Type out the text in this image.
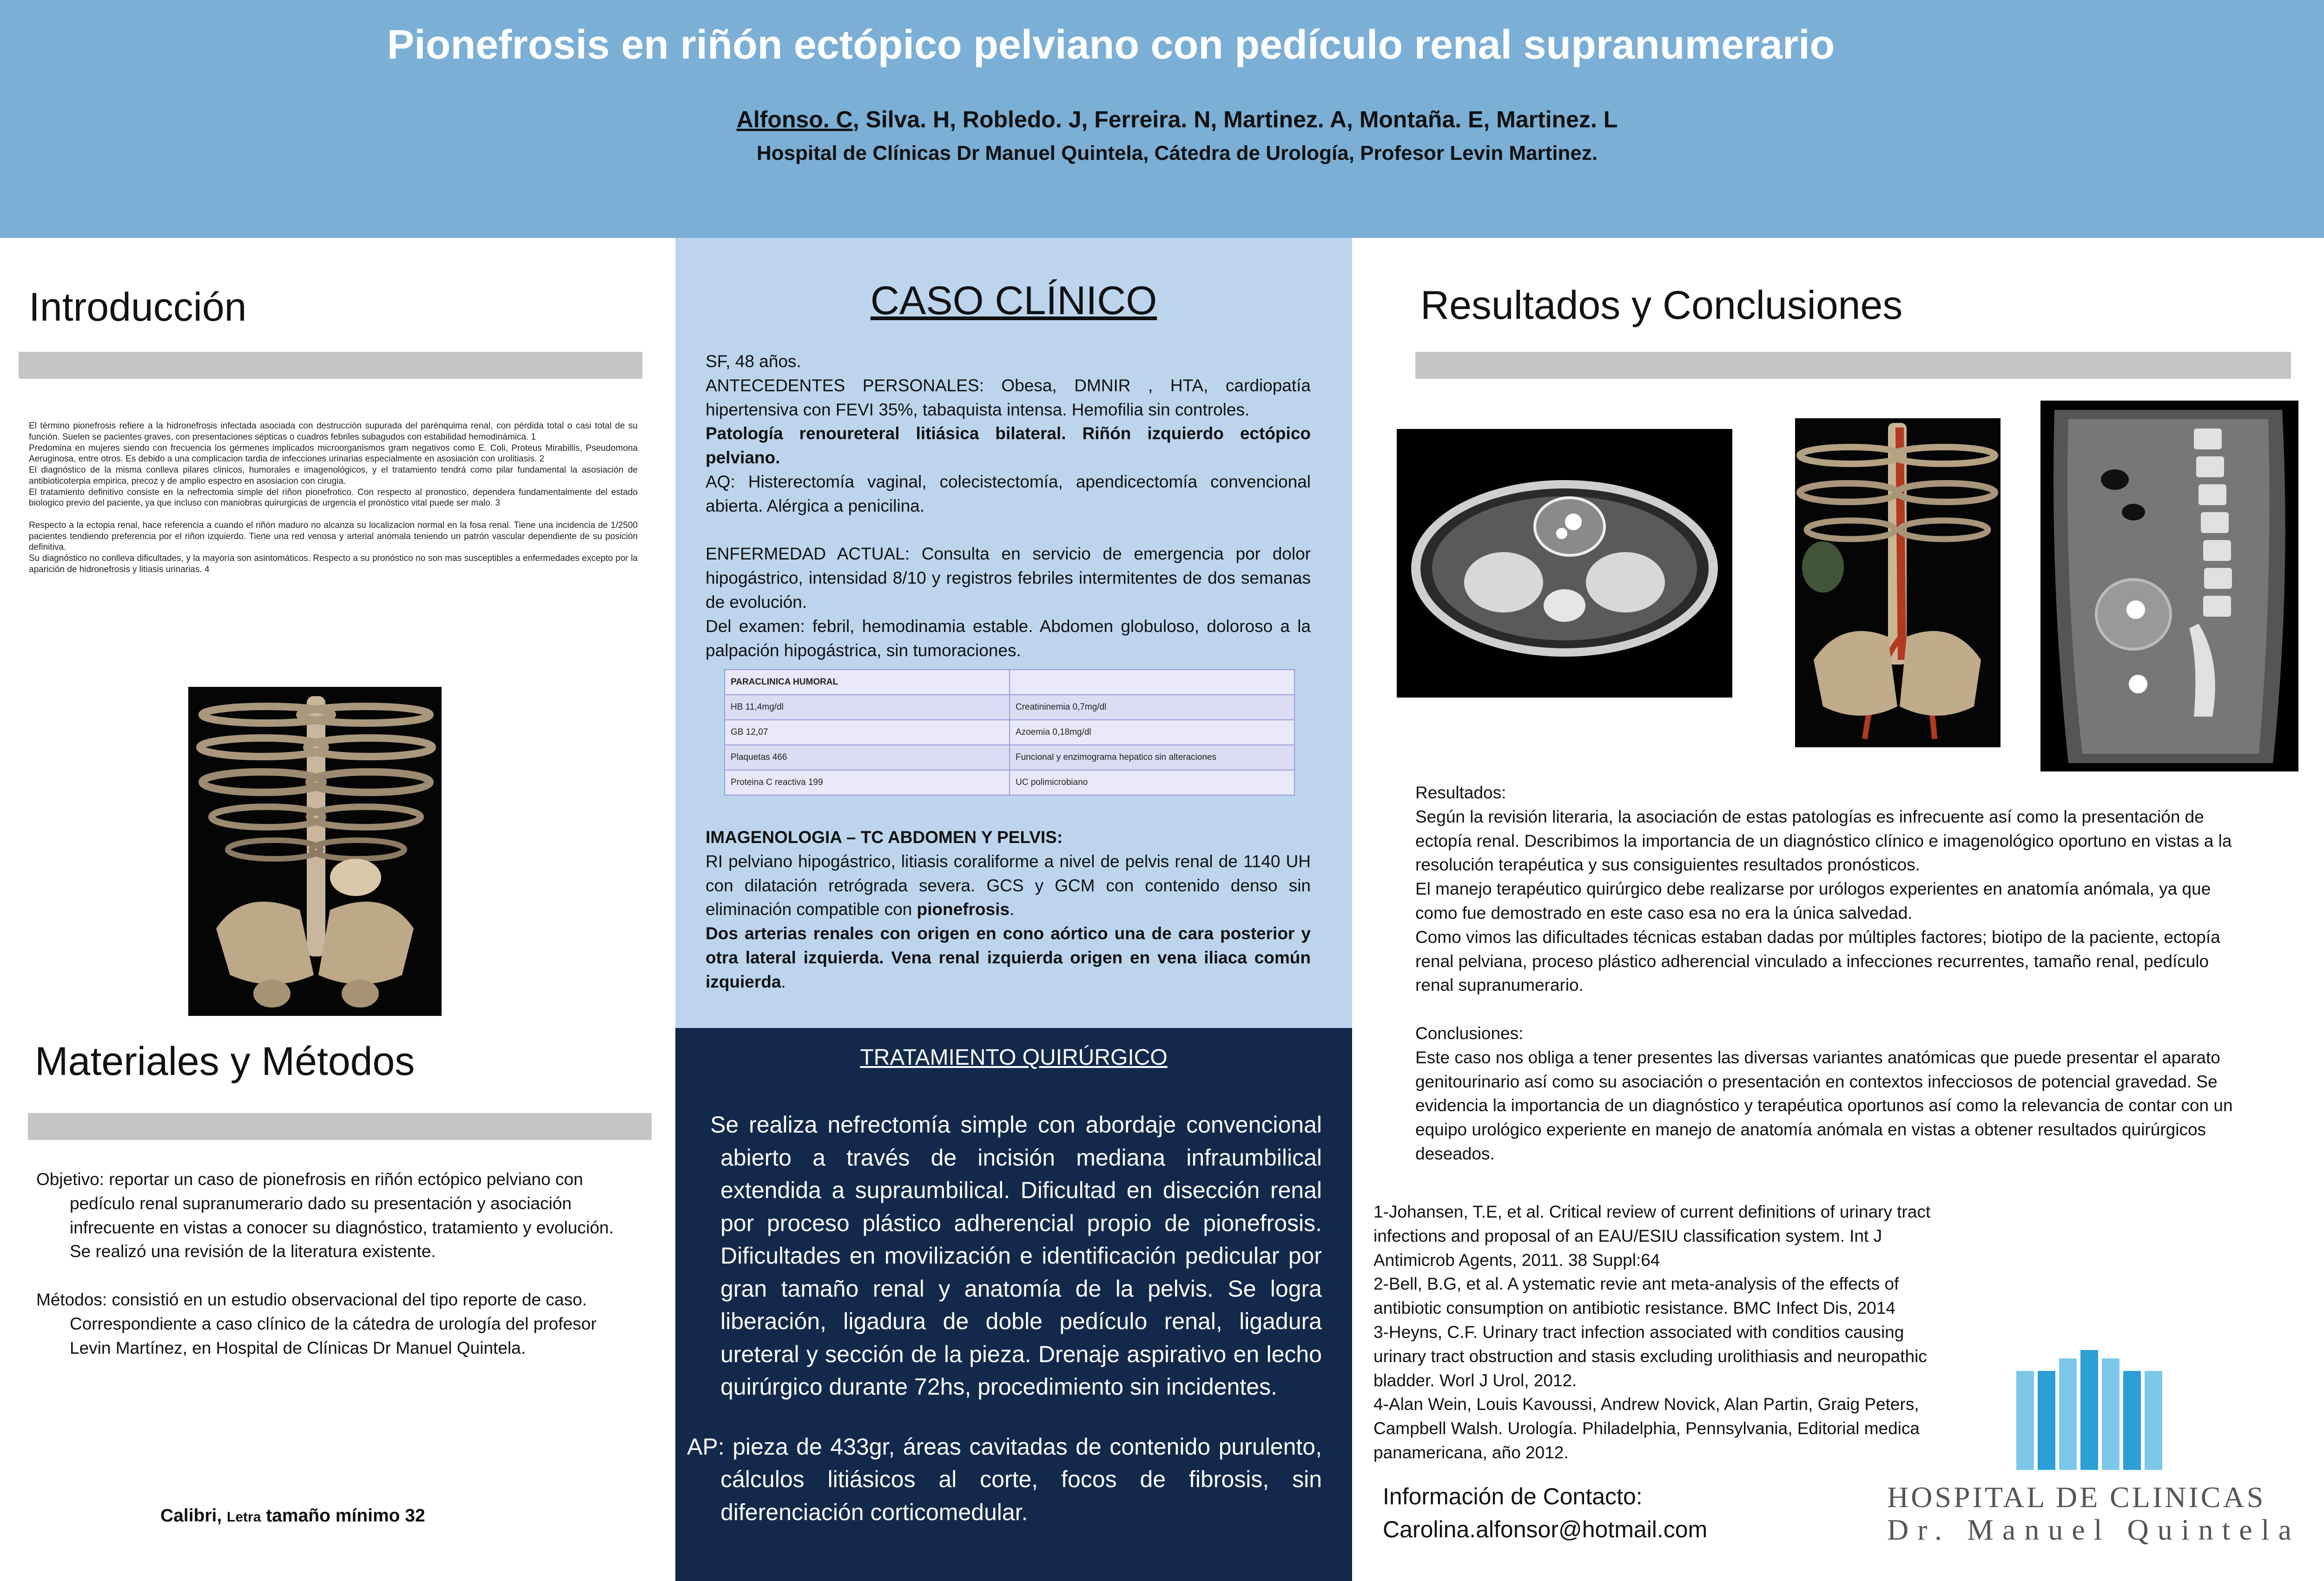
Pionefrosis en riñón ectópico pelviano con pedículo renal supranumerario
Alfonso. C, Silva. H, Robledo. J, Ferreira. N, Martinez. A, Montaña. E, Martinez. L
Hospital de Clínicas Dr Manuel Quintela, Cátedra de Urología, Profesor Levin Martinez.
Introducción

El término pionefrosis refiere a la hidronefrosis infectada asociada con destrucción supurada del parénquima renal, con pérdida total o casi total de su función. Suelen se pacientes graves, con presentaciones sépticas o cuadros febriles subagudos con estabilidad hemodinámica. 1

Predomina en mujeres siendo con frecuencia los gérmenes implicados microorganismos gram negativos como E. Coli, Proteus Mirabillis, Pseudomona Aeruginosa, entre otros. Es debido a una complicacion tardia de infecciones urinarias especialmente en asosiación con urolitiasis. 2

El diagnóstico de la misma conlleva pilares clinicos, humorales e imagenológicos, y el tratamiento tendrá como pilar fundamental la asosiación de antibioticoterpia empirica, precoz y de amplio espectro en asosiacion con cirugia.

El tratamiento definitivo consiste en la nefrectomia simple del riñon pionefrotico. Con respecto al pronostico, dependera fundamentalmente del estado biologico previo del paciente, ya que incluso con maniobras quirurgicas de urgencia el pronóstico vital puede ser malo. 3

Respecto a la ectopia renal, hace referencia a cuando el riñón maduro no alcanza su localizacion normal en la fosa renal. Tiene una incidencia de 1/2500 pacientes tendiendo preferencia por el riñon izquierdo. Tiene una red venosa y arterial anómala teniendo un patrón vascular dependiente de su posición definitiva.

Su diagnóstico no conlleva dificultades, y la mayoría son asintomáticos. Respecto a su pronóstico no son mas susceptibles a enfermedades excepto por la aparición de hidronefrosis y litiasis urinarias. 4

Materiales y Métodos

Objetivo: reportar un caso de pionefrosis en riñón ectópico pelviano con pedículo renal supranumerario dado su presentación y asociación infrecuente en vistas a conocer su diagnóstico, tratamiento y evolución. Se realizó una revisión de la literatura existente.

Métodos: consistió en un estudio observacional del tipo reporte de caso. Correspondiente a caso clínico de la cátedra de urología del profesor Levin Martínez, en Hospital de Clínicas Dr Manuel Quintela.

Calibri, Letra tamaño mínimo 32
CASO CLÍNICO

SF, 48 años.

ANTECEDENTES PERSONALES: Obesa, DMNIR , HTA, cardiopatía hipertensiva con FEVI 35%, tabaquista intensa. Hemofilia sin controles.

Patología renoureteral litiásica bilateral. Riñón izquierdo ectópico pelviano.

AQ: Histerectomía vaginal, colecistectomía, apendicectomía convencional abierta. Alérgica a penicilina.

ENFERMEDAD ACTUAL: Consulta en servicio de emergencia por dolor hipogástrico, intensidad 8/10 y registros febriles intermitentes de dos semanas de evolución.

Del examen: febril, hemodinamia estable. Abdomen globuloso, doloroso a la palpación hipogástrica, sin tumoraciones.

PARACLINICA HUMORAL	
HB 11,4mg/dl	Creatininemia 0,7mg/dl
GB 12,07	Azoemia 0,18mg/dl
Plaquetas 466	Funcional y enzimograma hepatico sin alteraciones
Proteina C reactiva 199	UC polimicrobiano

IMAGENOLOGIA – TC ABDOMEN Y PELVIS:

RI pelviano hipogástrico, litiasis coraliforme a nivel de pelvis renal de 1140 UH con dilatación retrógrada severa. GCS y GCM con contenido denso sin eliminación compatible con pionefrosis.

Dos arterias renales con origen en cono aórtico una de cara posterior y otra lateral izquierda. Vena renal izquierda origen en vena iliaca común izquierda.

TRATAMIENTO QUIRÚRGICO

Se realiza nefrectomía simple con abordaje convencional abierto a través de incisión mediana infraumbilical extendida a supraumbilical. Dificultad en disección renal por proceso plástico adherencial propio de pionefrosis. Dificultades en movilización e identificación pedicular por gran tamaño renal y anatomía de la pelvis. Se logra liberación, ligadura de doble pedículo renal, ligadura ureteral y sección de la pieza. Drenaje aspirativo en lecho quirúrgico durante 72hs, procedimiento sin incidentes.

AP: pieza de 433gr, áreas cavitadas de contenido purulento, cálculos litiásicos al corte, focos de fibrosis, sin diferenciación corticomedular.

Resultados y Conclusiones

Resultados:

Según la revisión literaria, la asociación de estas patologías es infrecuente así como la presentación de ectopía renal. Describimos la importancia de un diagnóstico clínico e imagenológico oportuno en vistas a la resolución terapéutica y sus consiguientes resultados pronósticos.

El manejo terapéutico quirúrgico debe realizarse por urólogos experientes en anatomía anómala, ya que como fue demostrado en este caso esa no era la única salvedad.

Como vimos las dificultades técnicas estaban dadas por múltiples factores; biotipo de la paciente, ectopía renal pelviana, proceso plástico adherencial vinculado a infecciones recurrentes, tamaño renal, pedículo renal supranumerario.

Conclusiones:

Este caso nos obliga a tener presentes las diversas variantes anatómicas que puede presentar el aparato genitourinario así como su asociación o presentación en contextos infecciosos de potencial gravedad. Se evidencia la importancia de un diagnóstico y terapéutica oportunos así como la relevancia de contar con un equipo urológico experiente en manejo de anatomía anómala en vistas a obtener resultados quirúrgicos deseados.

1-Johansen, T.E, et al. Critical review of current definitions of urinary tract infections and proposal of an EAU/ESIU classification system. Int J Antimicrob Agents, 2011. 38 Suppl:64

2-Bell, B.G, et al. A ystematic revie ant meta-analysis of the effects of antibiotic consumption on antibiotic resistance. BMC Infect Dis, 2014

3-Heyns, C.F. Urinary tract infection associated with conditios causing urinary tract obstruction and stasis excluding urolithiasis and neuropathic bladder. Worl J Urol, 2012.

4-Alan Wein, Louis Kavoussi, Andrew Novick, Alan Partin, Graig Peters, Campbell Walsh. Urología. Philadelphia, Pennsylvania, Editorial medica panamericana, año 2012.

Información de Contacto:
Carolina.alfonsor@hotmail.com
HOSPITAL DE CLINICAS
Dr. Manuel Quintela
